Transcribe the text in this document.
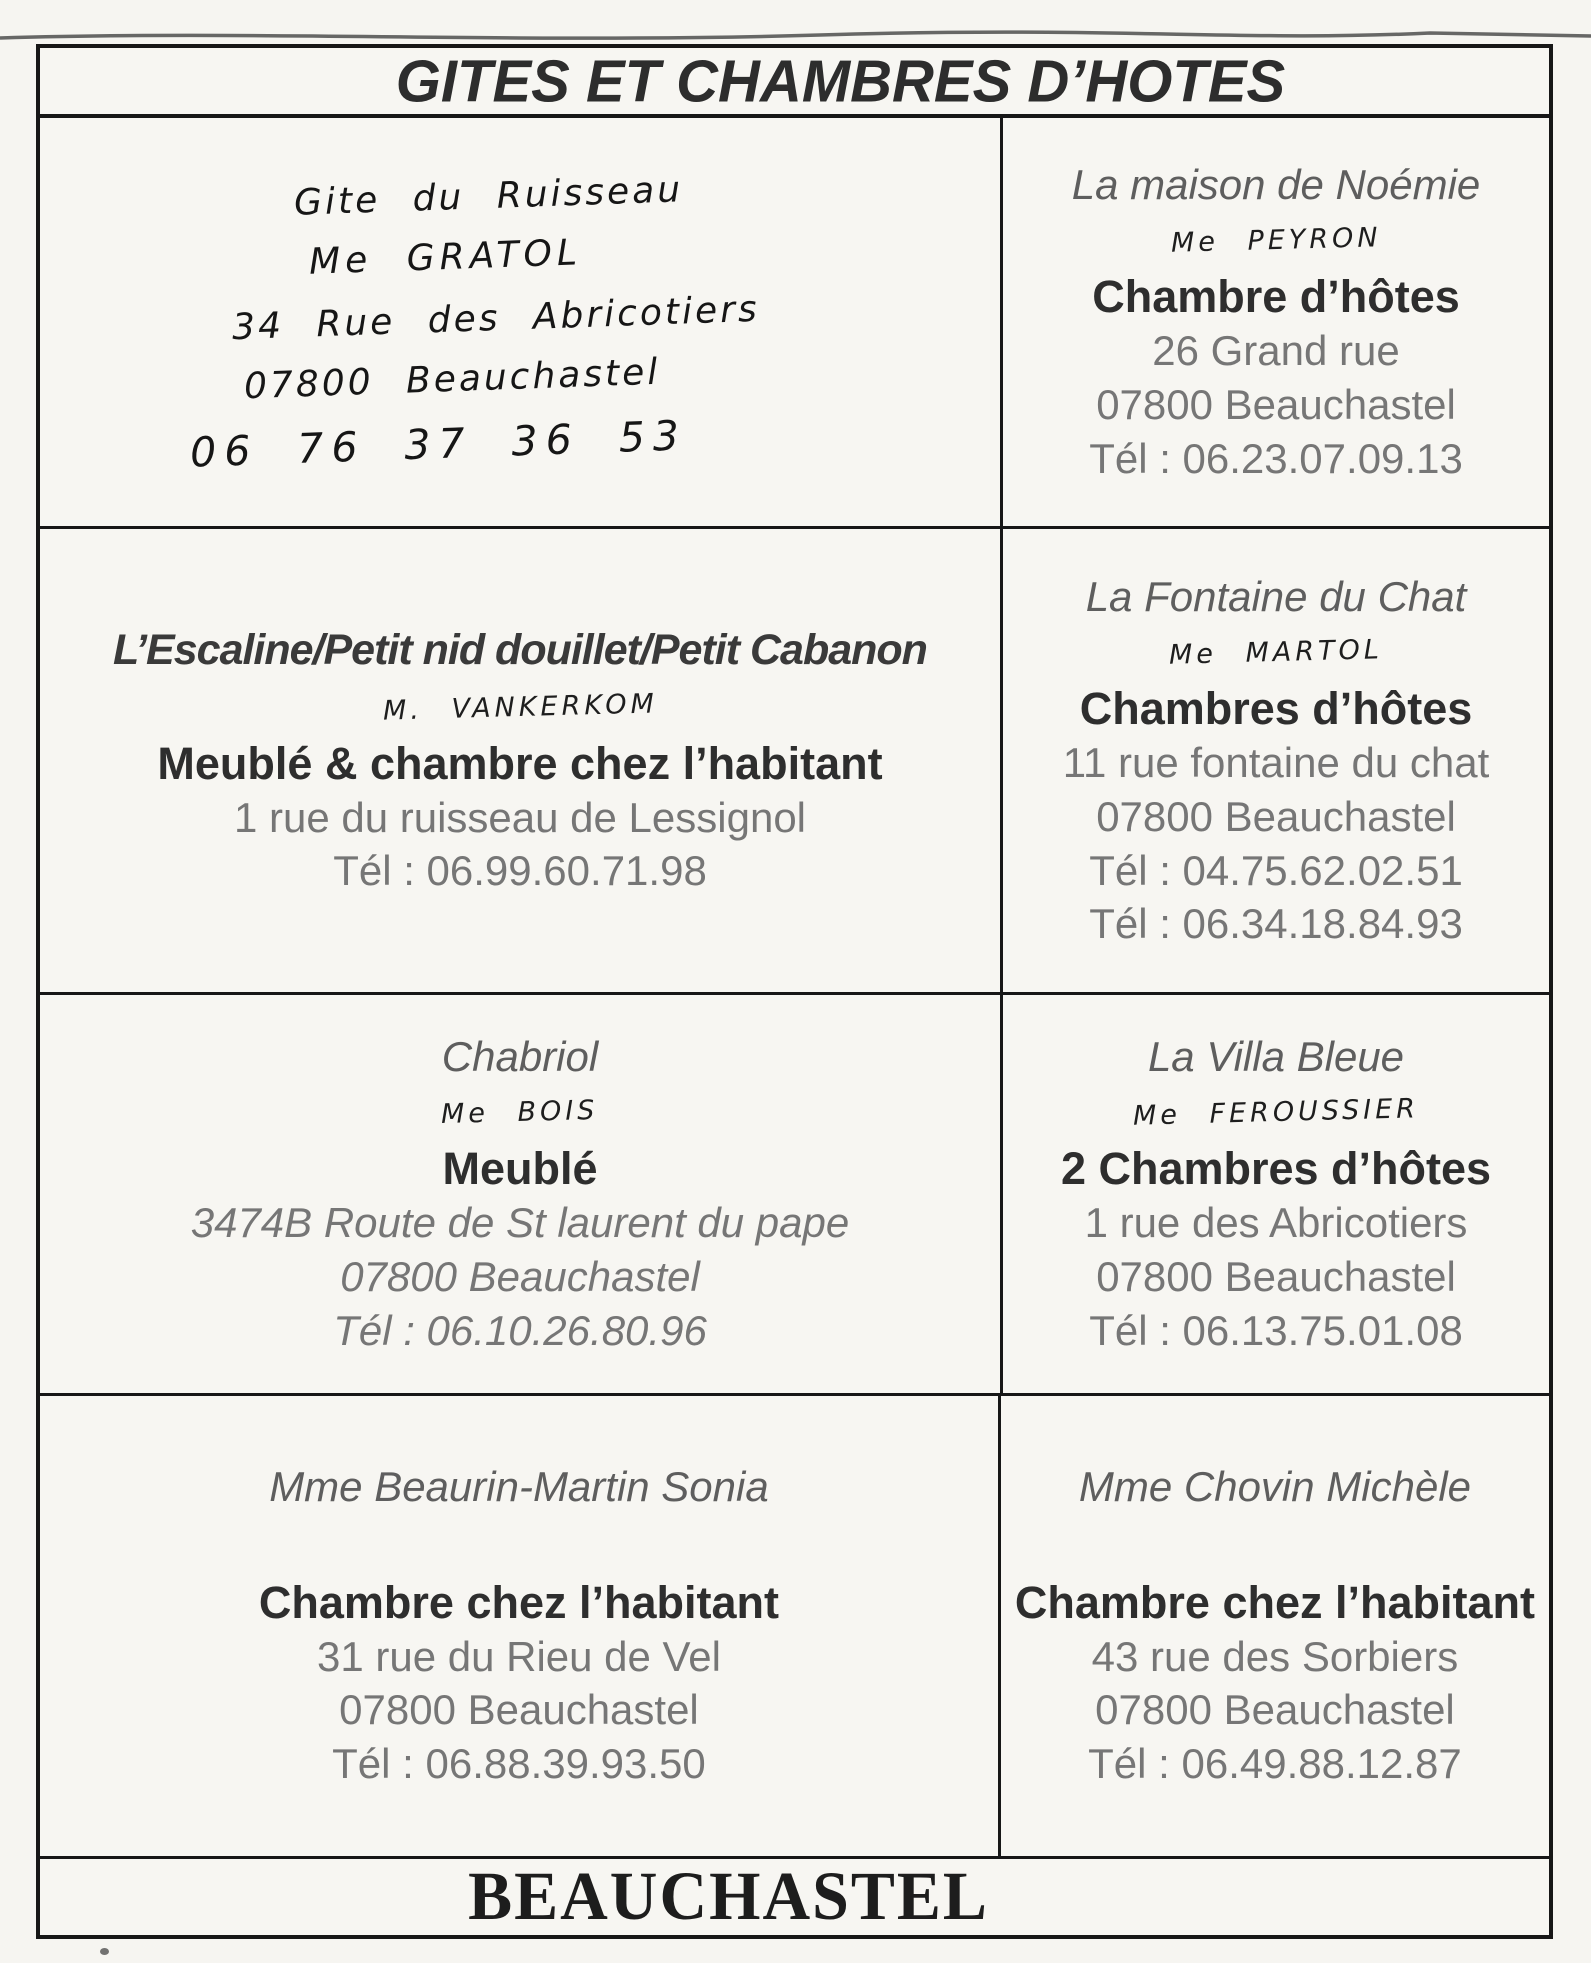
GITES ET CHAMBRES D’HOTES
Gite du Ruisseau
Me GRATOL
34 Rue des Abricotiers
07800 Beauchastel
06 76 37 36 53
La maison de Noémie
Me PEYRON
Chambre d’hôtes
26 Grand rue
07800 Beauchastel
Tél : 06.23.07.09.13
L’Escaline/Petit nid douillet/Petit Cabanon
M. VANKERKOM
Meublé & chambre chez l’habitant
1 rue du ruisseau de Lessignol
Tél : 06.99.60.71.98
La Fontaine du Chat
Me MARTOL
Chambres d’hôtes
11 rue fontaine du chat
07800 Beauchastel
Tél : 04.75.62.02.51
Tél : 06.34.18.84.93
Chabriol
Me BOIS
Meublé
3474B Route de St laurent du pape
07800 Beauchastel
Tél : 06.10.26.80.96
La Villa Bleue
Me FEROUSSIER
2 Chambres d’hôtes
1 rue des Abricotiers
07800 Beauchastel
Tél : 06.13.75.01.08
Mme Beaurin-Martin Sonia
Chambre chez l’habitant
31 rue du Rieu de Vel
07800 Beauchastel
Tél : 06.88.39.93.50
Mme Chovin Michèle
Chambre chez l’habitant
43 rue des Sorbiers
07800 Beauchastel
Tél : 06.49.88.12.87
BEAUCHASTEL
